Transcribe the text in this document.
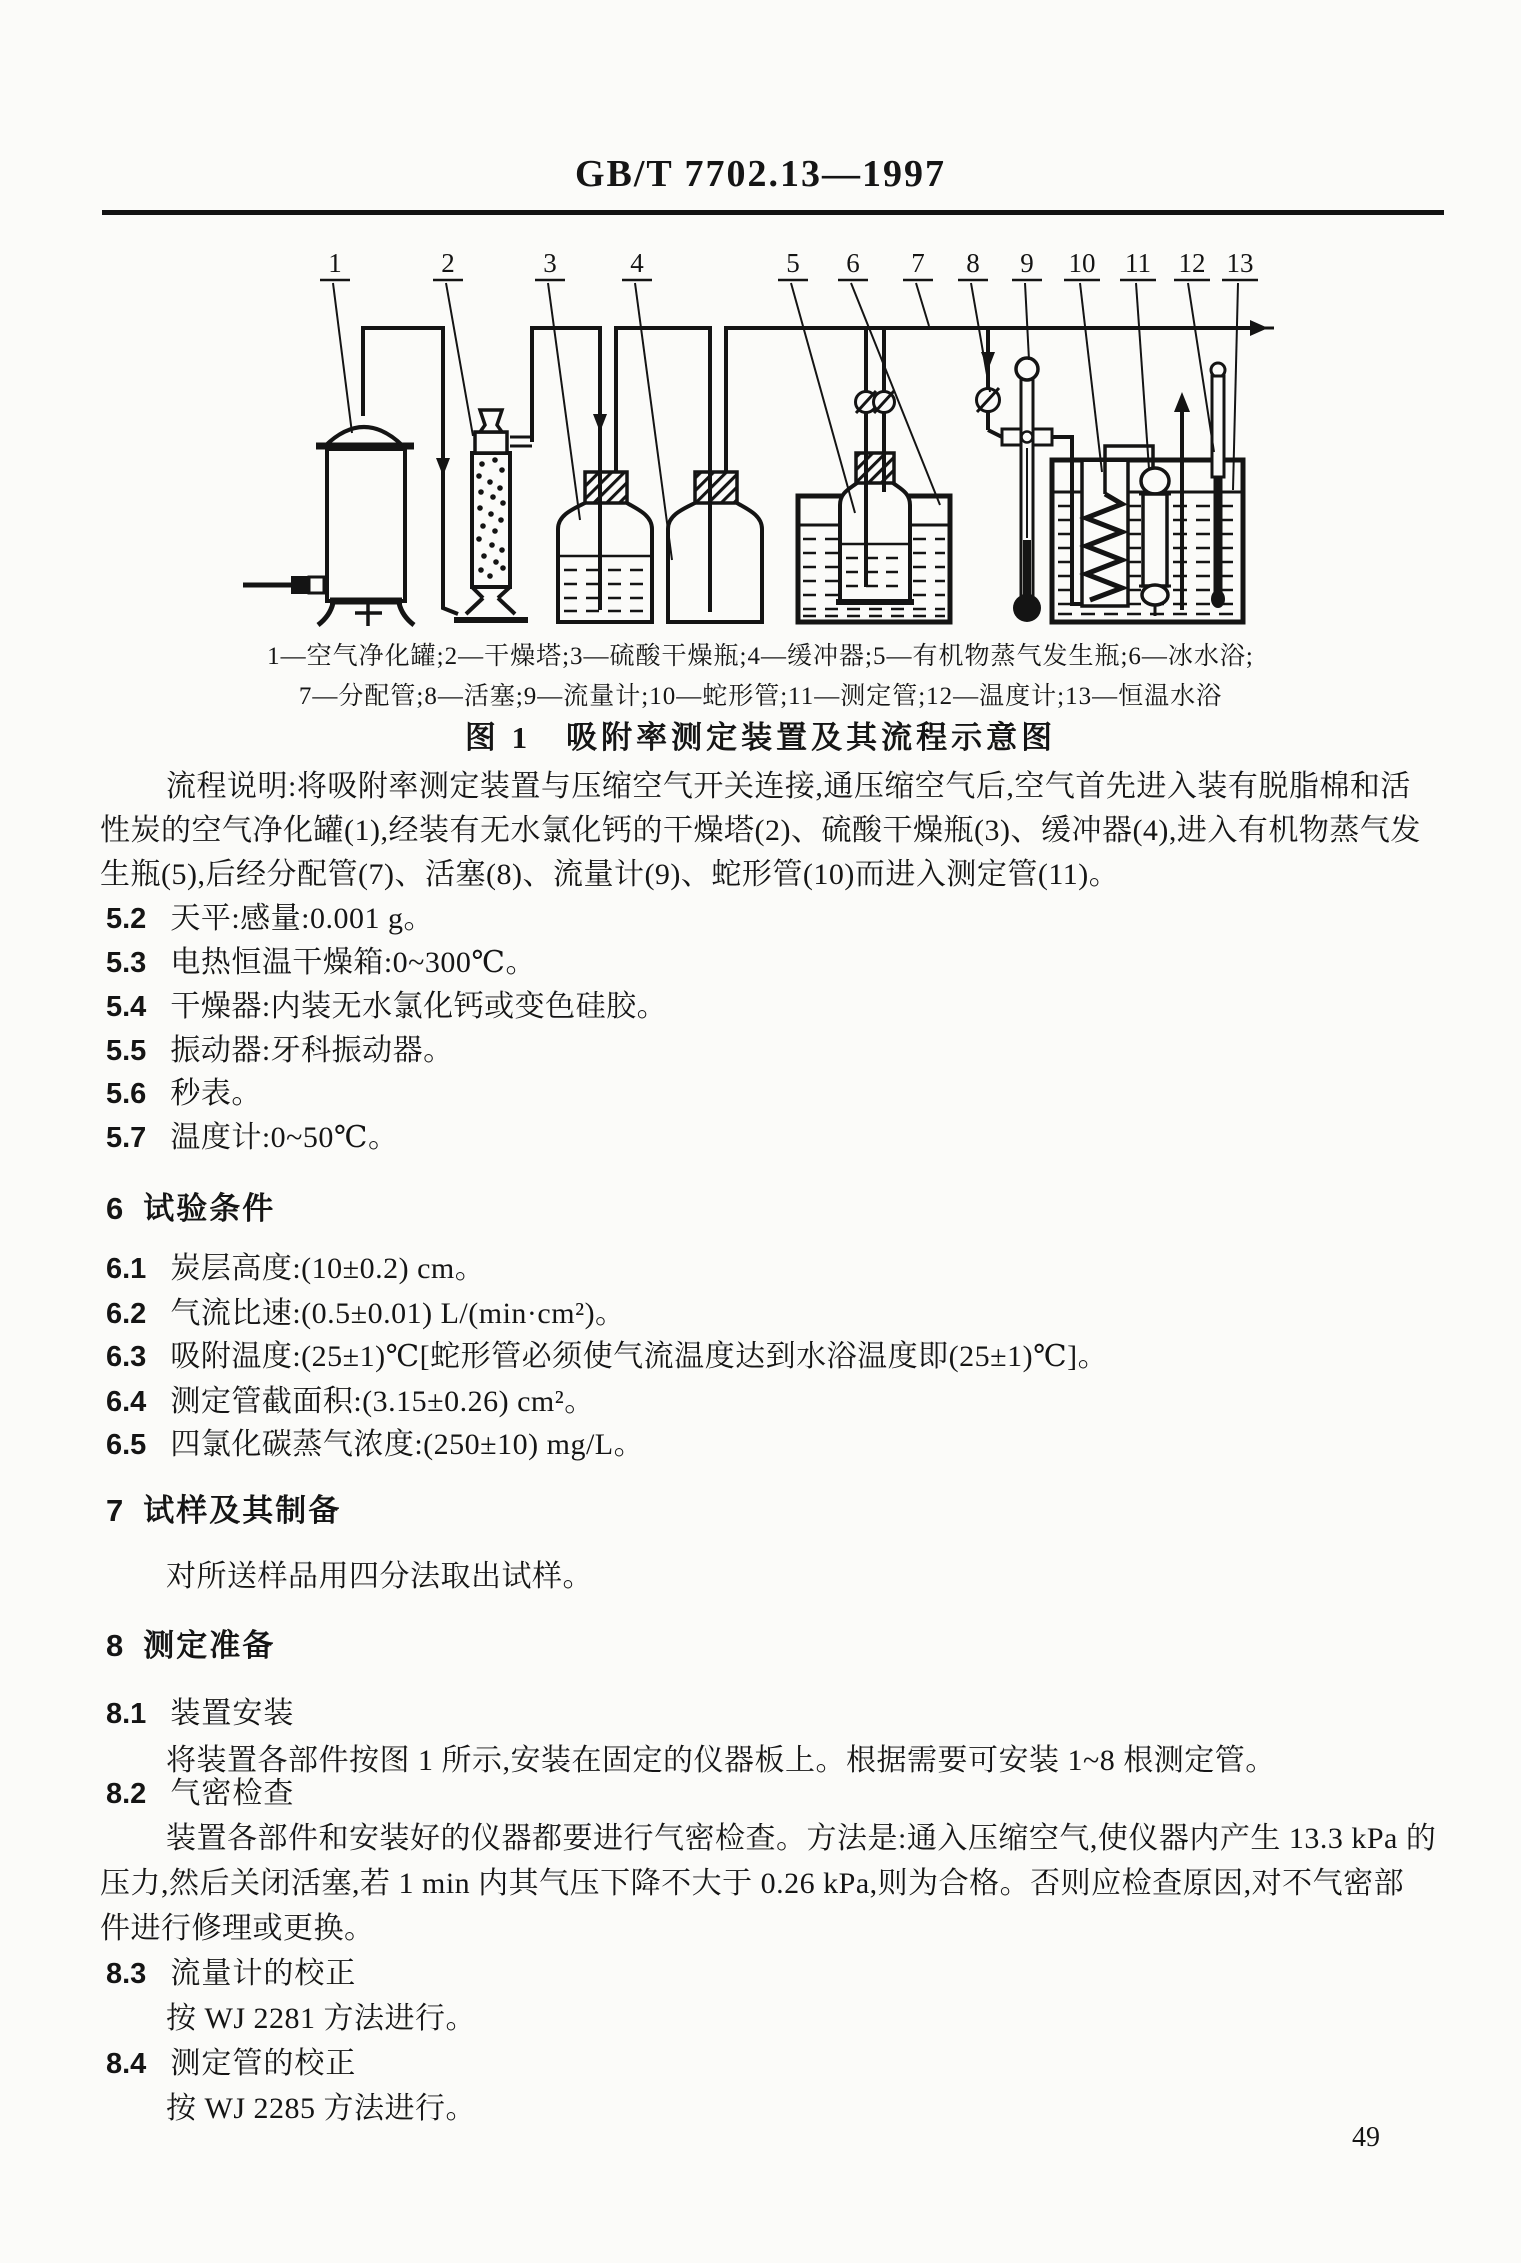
GB/T 7702.13—1997
1	2	3	4	5 6 7 8 9 10 11 12 13
1—空气净化罐;2—干燥塔;3—硫酸干燥瓶;4—缓冲器;5—有机物蒸气发生瓶;6—冰水浴;
7—分配管;8—活塞;9—流量计;10—蛇形管;11—测定管;12—温度计;13—恒温水浴
图 1　吸附率测定装置及其流程示意图
流程说明:将吸附率测定装置与压缩空气开关连接,通压缩空气后,空气首先进入装有脱脂棉和活
性炭的空气净化罐(1),经装有无水氯化钙的干燥塔(2)、硫酸干燥瓶(3)、缓冲器(4),进入有机物蒸气发
生瓶(5),后经分配管(7)、活塞(8)、流量计(9)、蛇形管(10)而进入测定管(11)。
5.2 天平:感量:0.001 g。
5.3 电热恒温干燥箱:0~300℃。
5.4 干燥器:内装无水氯化钙或变色硅胶。
5.5 振动器:牙科振动器。
5.6 秒表。
5.7 温度计:0~50℃。
6 试验条件
6.1 炭层高度:(10±0.2) cm。
6.2 气流比速:(0.5±0.01) L/(min·cm²)。
6.3 吸附温度:(25±1)℃[蛇形管必须使气流温度达到水浴温度即(25±1)℃]。
6.4 测定管截面积:(3.15±0.26) cm²。
6.5 四氯化碳蒸气浓度:(250±10) mg/L。
7 试样及其制备
对所送样品用四分法取出试样。
8 测定准备
8.1 装置安装
将装置各部件按图 1 所示,安装在固定的仪器板上。根据需要可安装 1~8 根测定管。
8.2 气密检查
装置各部件和安装好的仪器都要进行气密检查。方法是:通入压缩空气,使仪器内产生 13.3 kPa 的
压力,然后关闭活塞,若 1 min 内其气压下降不大于 0.26 kPa,则为合格。否则应检查原因,对不气密部
件进行修理或更换。
8.3 流量计的校正
按 WJ 2281 方法进行。
8.4 测定管的校正
按 WJ 2285 方法进行。
49
